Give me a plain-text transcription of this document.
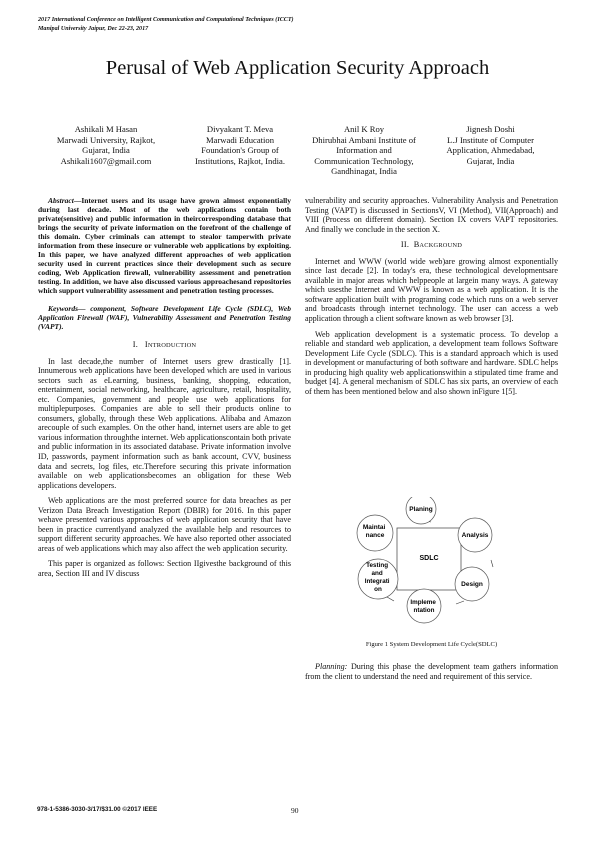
2017 International Conference on Intelligent Communication and Computational Techniques (ICCT)
Manipal University Jaipur, Dec 22-23, 2017
Perusal of Web Application Security Approach
Ashikali M Hasan
Marwadi University, Rajkot,
Gujarat, India
Ashikali1607@gmail.com
Divyakant T. Meva
Marwadi Education
Foundation's Group of
Institutions, Rajkot, India.
Anil K Roy
Dhirubhai Ambani Institute of
Information and
Communication Technology,
Gandhinagat, India
Jignesh Doshi
L.J Institute of Computer
Application, Ahmedabad,
Gujarat, India

Abstract—Internet users and its usage have grown almost exponentially during last decade. Most of the web applications contain both private(sensitive) and public information in theircorresponding database that brings the security of private information on the forefront of the challenge of this domain. Cyber criminals can attempt to stealor tamperwith private information from these insecure or vulnerable web applications by exploiting. In this paper, we have analyzed different approaches of web application security used in current practices since their development such as secure coding, Web Application firewall, vulnerability assessment and penetration testing. In addition, we have also discussed various approachesand repositories which support vulnerability assessment and penetration testing processes.

Keywords— component, Software Development Life Cycle (SDLC), Web Application Firewall (WAF), Vulnerability Assessment and Penetration Testing (VAPT).

I. INTRODUCTION

In last decade,the number of Internet users grew drastically [1]. Innumerous web applications have been developed which are used in various sectors such as eLearning, business, banking, shopping, education, entertainment, social networking, healthcare, agriculture, retail, hospitality, etc. Companies, government and people use web applications for multiplepurposes. Companies are able to sell their products online to consumers, globally, through these Web applications. Alibaba and Amazon arecouple of such examples. On the other hand, internet users are able to get various information throughthe internet. Web applicationscontain both private and public information in its associated database. Private information involve ID, passwords, payment information such as bank account, CVV, business data and secrets, log files, etc.Therefore securing this private information available on web applicationsbecomes an obligation for these Web applications developers.

Web applications are the most preferred source for data breaches as per Verizon Data Breach Investigation Report (DBIR) for 2016. In this paper wehave presented various approaches of web application security that have been in practice currentlyand analyzed the available help and resources to support different security approaches. We have also reported other associated areas of web applications which may also affect the web application security.

This paper is organized as follows: Section IIgivesthe background of this area, Section III and IV discuss

vulnerability and security approaches. Vulnerability Analysis and Penetration Testing (VAPT) is discussed in SectionsV, VI (Method), VII(Approach) and VIII (Process on different domain). Section IX covers VAPT repositories. And finally we conclude in the section X.

II. BACKGROUND

Internet and WWW (world wide web)are growing almost exponentially since last decade [2]. In today's era, these technological developmentsare available in major areas which helppeople at largein many ways. A gateway which usesthe Internet and WWW is known as a web application. It is the software application built with programing code which runs on a web server and broadcasts through internet technology. The user can access a web application through a client software known as web browser [3].

Web application development is a systematic process. To develop a reliable and standard web application, a development team follows Software Development Life Cycle (SDLC). This is a standard approach which is used in development or manufacturing of both software and hardware. SDLC helps in producing high quality web applicationswithin a stipulated time frame and budget [4]. A general mechanism of SDLC has six parts, an overview of each of them has been mentioned below and also shown inFigure 1[5].

SDLC
Planing
Analysis
Design
Impleme ntation
Testing and Integrati on
Maintai nance
Figure 1 System Development Life Cycle(SDLC)

Planning: During this phase the development team gathers information from the client to understand the need and requirement of this service.

978-1-5386-3030-3/17/$31.00 ©2017 IEEE	90
